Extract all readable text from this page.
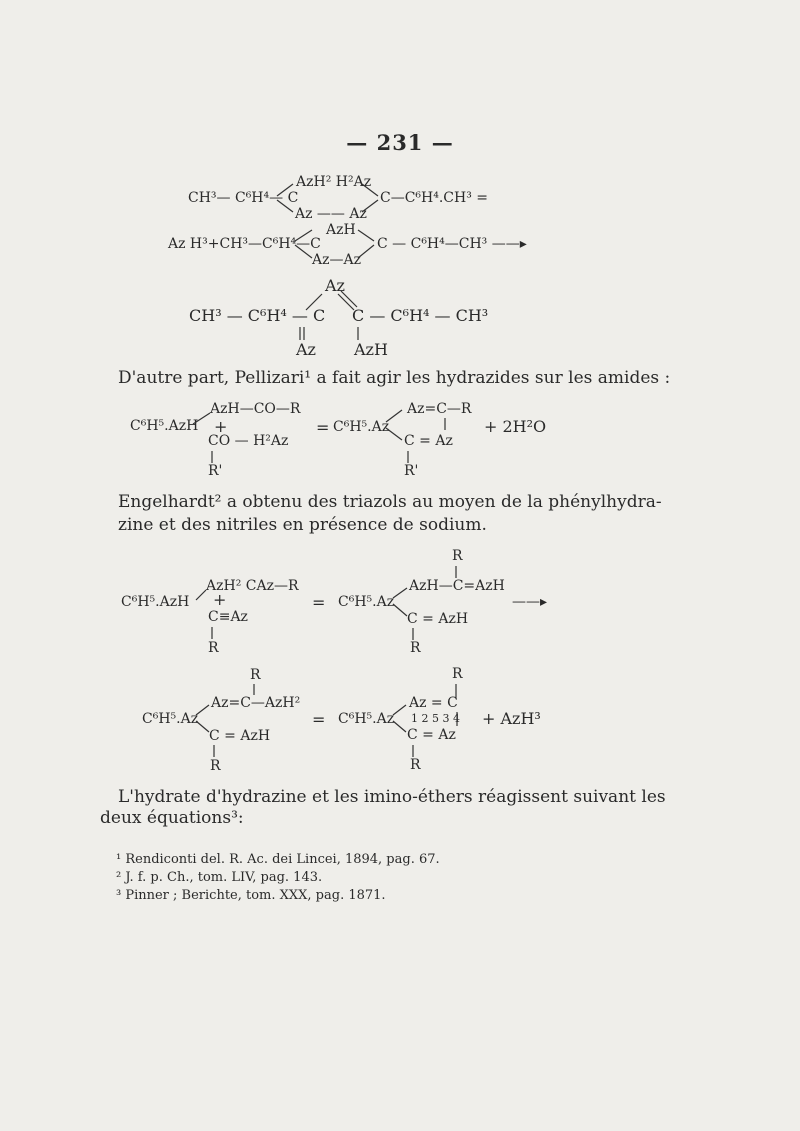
— 231 —
CH³— C⁶H⁴— C
AzH² H²Az
C—C⁶H⁴.CH³ =
Az —— Az
Az H³+CH³—C⁶H⁴—C
AzH
C — C⁶H⁴—CH³ ——▸
Az—Az
Az
CH³ — C⁶H⁴ — C C — C⁶H⁴ — CH³
Az AzH
D'autre part, Pellizari¹ a fait agir les hydrazides sur les amides :
C⁶H⁵.AzH
AzH—CO—R
+
CO — H²Az
R'
= C⁶H⁵.Az
Az=C—R
C = Az
R'
+ 2H²O
Engelhardt² a obtenu des triazols au moyen de la phénylhydra-
zine et des nitriles en présence de sodium.
C⁶H⁵.AzH
AzH² CAz—R
+
C≡Az
R
= C⁶H⁵.Az
R
AzH—C=AzH
C = AzH
R
——▸
R
C⁶H⁵.Az
Az=C—AzH²
C = AzH
R
=
R
C⁶H⁵.Az
Az = C
1 2 5 3 4
C = Az
R
+ AzH³
L'hydrate d'hydrazine et les imino-éthers réagissent suivant les
deux équations³:
¹ Rendiconti del. R. Ac. dei Lincei, 1894, pag. 67.
² J. f. p. Ch., tom. LIV, pag. 143.
³ Pinner ; Berichte, tom. XXX, pag. 1871.
